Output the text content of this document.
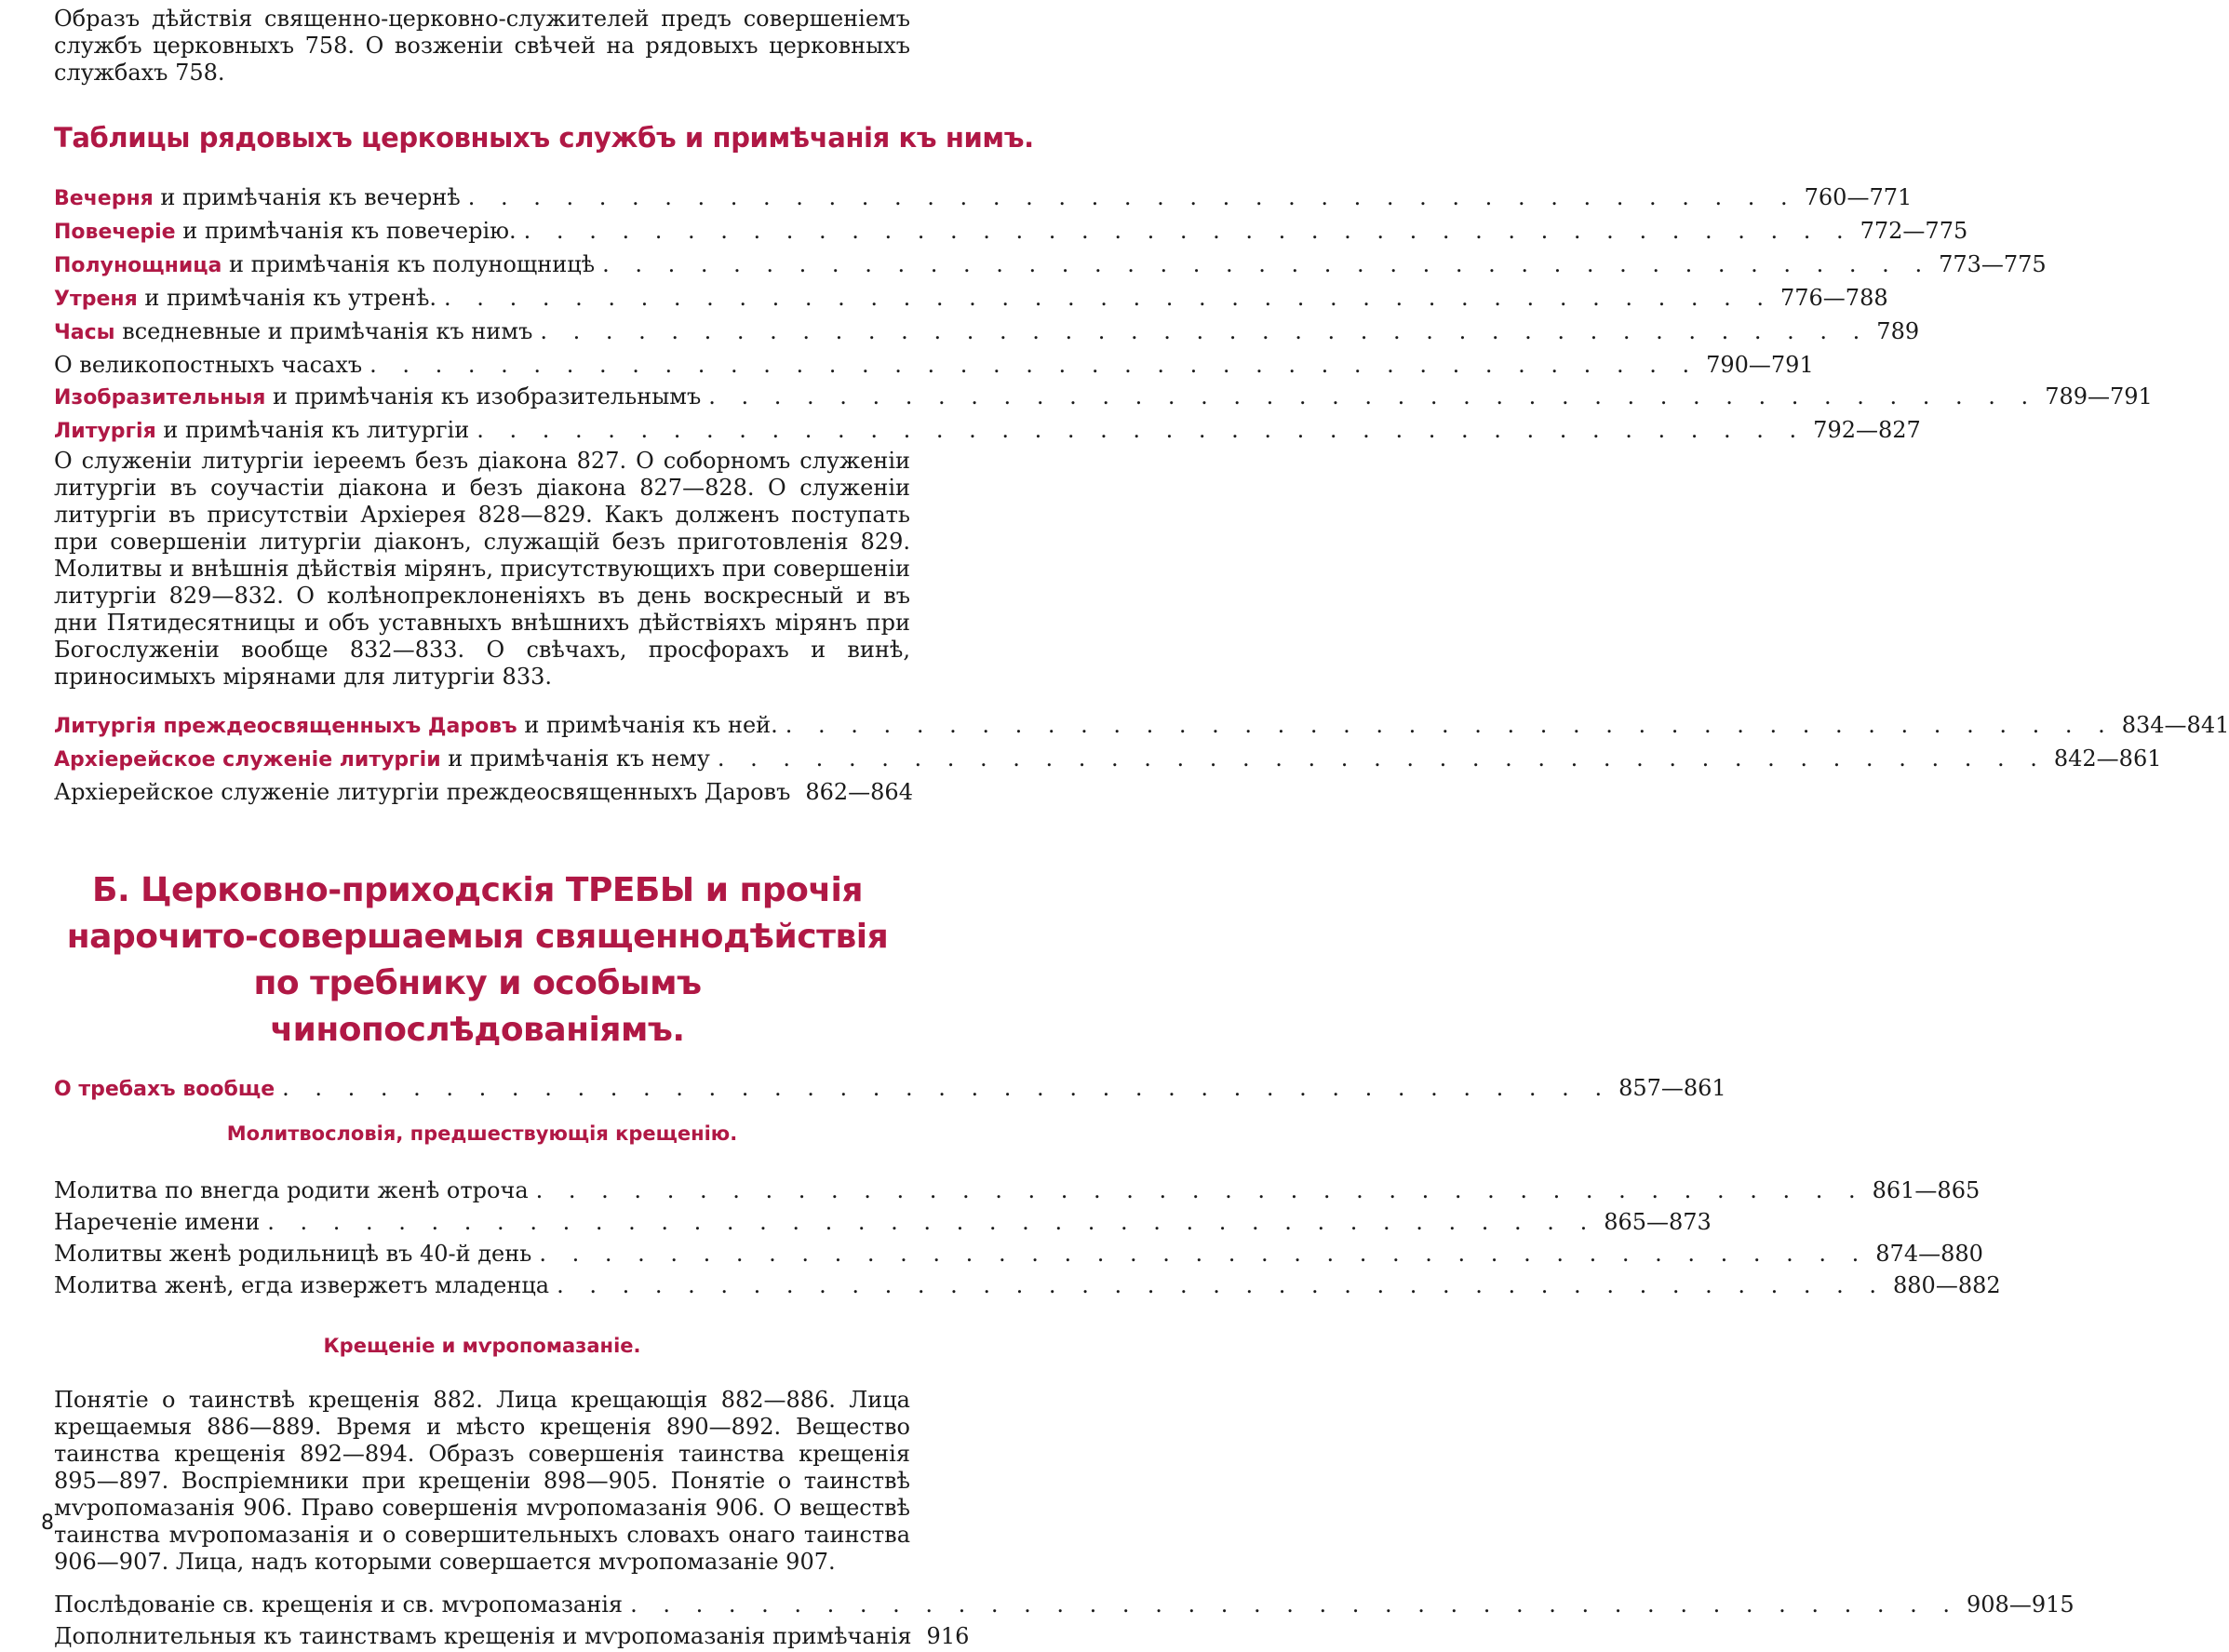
Образъ дѣйствія священно-церковно-служителей предъ совершеніемъ службъ церковныхъ 758. О возженіи свѣчей на рядовыхъ церковныхъ службахъ 758.

Таблицы рядовыхъ церковныхъ службъ и примѣчанія къ нимъ.
Вечерня и примѣчанія къ вечернѣ . . . . . . . . . . . . . . . . . . . . . . . . . . . . . . . . . . . . . . . . . 760—771
Повечеріе и примѣчанія къ повечерію. . . . . . . . . . . . . . . . . . . . . . . . . . . . . . . . . . . . . . . . . . 772—775
Полунощница и примѣчанія къ полунощницѣ . . . . . . . . . . . . . . . . . . . . . . . . . . . . . . . . . . . . . . . . . 773—775
Утреня и примѣчанія къ утренѣ. . . . . . . . . . . . . . . . . . . . . . . . . . . . . . . . . . . . . . . . . . 776—788
Часы вседневные и примѣчанія къ нимъ . . . . . . . . . . . . . . . . . . . . . . . . . . . . . . . . . . . . . . . . . 789
О великопостныхъ часахъ . . . . . . . . . . . . . . . . . . . . . . . . . . . . . . . . . . . . . . . . . 790—791
Изобразительныя и примѣчанія къ изобразительнымъ . . . . . . . . . . . . . . . . . . . . . . . . . . . . . . . . . . . . . . . . . 789—791
Литургія и примѣчанія къ литургіи . . . . . . . . . . . . . . . . . . . . . . . . . . . . . . . . . . . . . . . . . 792—827

О служеніи литургіи іереемъ безъ діакона 827. О соборномъ служеніи литургіи въ соучастіи діакона и безъ діакона 827—828. О служеніи литургіи въ присутствіи Архіерея 828—829. Какъ долженъ поступать при совершеніи литургіи діаконъ, служащій безъ приготовленія 829. Молитвы и внѣшнія дѣйствія мірянъ, присутствующихъ при совершеніи литургіи 829—832. О колѣнопреклоненіяхъ въ день воскресный и въ дни Пятидесятницы и объ уставныхъ внѣшнихъ дѣйствіяхъ мірянъ при Богослуженіи вообще 832—833. О свѣчахъ, просфорахъ и винѣ, приносимыхъ мірянами для литургіи 833.

Литургія преждеосвященныхъ Даровъ и примѣчанія къ ней. . . . . . . . . . . . . . . . . . . . . . . . . . . . . . . . . . . . . . . . . . 834—841
Архіерейское служеніе литургіи и примѣчанія къ нему . . . . . . . . . . . . . . . . . . . . . . . . . . . . . . . . . . . . . . . . . 842—861
Архіерейское служеніе литургіи преждеосвященныхъ Даровъ 862—864
Б. Церковно-приходскія ТРЕБЫ и прочія нарочито-совершаемыя священнодѣйствія по требнику и особымъ чинопослѣдованіямъ.
О требахъ вообще . . . . . . . . . . . . . . . . . . . . . . . . . . . . . . . . . . . . . . . . . 857—861
Молитвословія, предшествующія крещенію.
Молитва по внегда родити женѣ отроча . . . . . . . . . . . . . . . . . . . . . . . . . . . . . . . . . . . . . . . . . 861—865
Нареченіе имени . . . . . . . . . . . . . . . . . . . . . . . . . . . . . . . . . . . . . . . . . 865—873
Молитвы женѣ родильницѣ въ 40-й день . . . . . . . . . . . . . . . . . . . . . . . . . . . . . . . . . . . . . . . . . 874—880
Молитва женѣ, егда извержетъ младенца . . . . . . . . . . . . . . . . . . . . . . . . . . . . . . . . . . . . . . . . . 880—882
Крещеніе и мѵропомазаніе.

Понятіе о таинствѣ крещенія 882. Лица крещающія 882—886. Лица крещаемыя 886—889. Время и мѣсто крещенія 890—892. Вещество таинства крещенія 892—894. Образъ совершенія таинства крещенія 895—897. Воспріемники при крещеніи 898—905. Понятіе о таинствѣ мѵропомазанія 906. Право совершенія мѵропомазанія 906. О веществѣ таинства мѵропомазанія и о совершительныхъ словахъ онаго таинства 906—907. Лица, надъ которыми совершается мѵропомазаніе 907.

Послѣдованіе св. крещенія и св. мѵропомазанія . . . . . . . . . . . . . . . . . . . . . . . . . . . . . . . . . . . . . . . . . 908—915
Дополнительныя къ таинствамъ крещенія и мѵропомазанія примѣчанія 916
8
